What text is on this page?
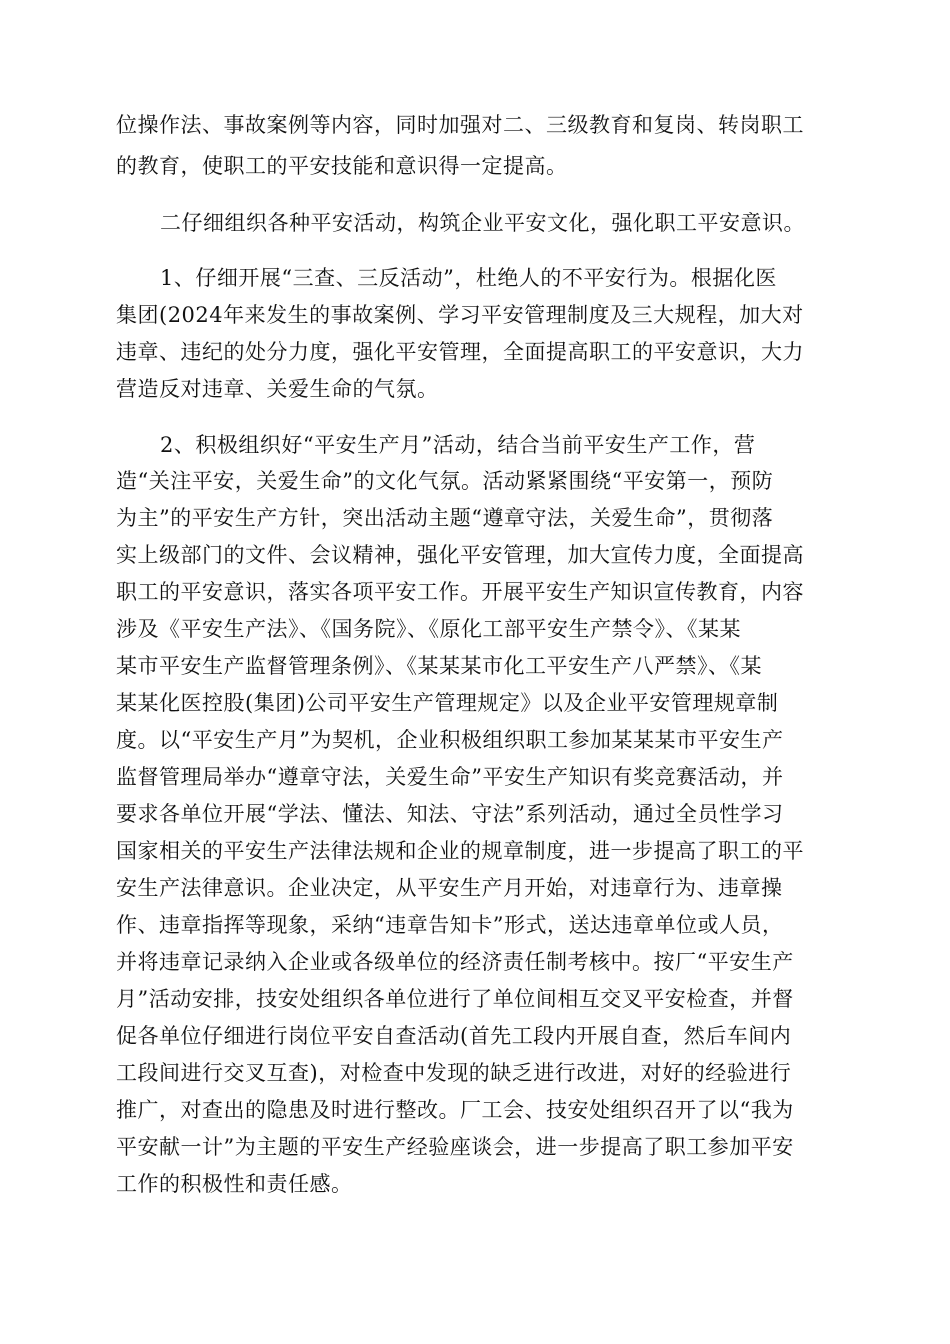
位操作法、事故案例等内容，同时加强对二、三级教育和复岗、转岗职工

的教育，使职工的平安技能和意识得一定提高。

二仔细组织各种平安活动，构筑企业平安文化，强化职工平安意识。

1、仔细开展“三查、三反活动”，杜绝人的不平安行为。根据化医

集团(2024年来发生的事故案例、学习平安管理制度及三大规程，加大对

违章、违纪的处分力度，强化平安管理，全面提高职工的平安意识，大力

营造反对违章、关爱生命的气氛。

2、积极组织好“平安生产月”活动，结合当前平安生产工作，营

造“关注平安，关爱生命”的文化气氛。活动紧紧围绕“平安第一，预防

为主”的平安生产方针，突出活动主题“遵章守法，关爱生命”，贯彻落

实上级部门的文件、会议精神，强化平安管理，加大宣传力度，全面提高

职工的平安意识，落实各项平安工作。开展平安生产知识宣传教育，内容

涉及《平安生产法》、《国务院》、《原化工部平安生产禁令》、《某某

某市平安生产监督管理条例》、《某某某市化工平安生产八严禁》、《某

某某化医控股(集团)公司平安生产管理规定》以及企业平安管理规章制

度。以“平安生产月”为契机，企业积极组织职工参加某某某市平安生产

监督管理局举办“遵章守法，关爱生命”平安生产知识有奖竞赛活动，并

要求各单位开展“学法、懂法、知法、守法”系列活动，通过全员性学习

国家相关的平安生产法律法规和企业的规章制度，进一步提高了职工的平

安生产法律意识。企业决定，从平安生产月开始，对违章行为、违章操

作、违章指挥等现象，采纳“违章告知卡”形式，送达违章单位或人员，

并将违章记录纳入企业或各级单位的经济责任制考核中。按厂“平安生产

月”活动安排，技安处组织各单位进行了单位间相互交叉平安检查，并督

促各单位仔细进行岗位平安自查活动(首先工段内开展自查，然后车间内

工段间进行交叉互查)，对检查中发现的缺乏进行改进，对好的经验进行

推广，对查出的隐患及时进行整改。厂工会、技安处组织召开了以“我为

平安献一计”为主题的平安生产经验座谈会，进一步提高了职工参加平安

工作的积极性和责任感。
